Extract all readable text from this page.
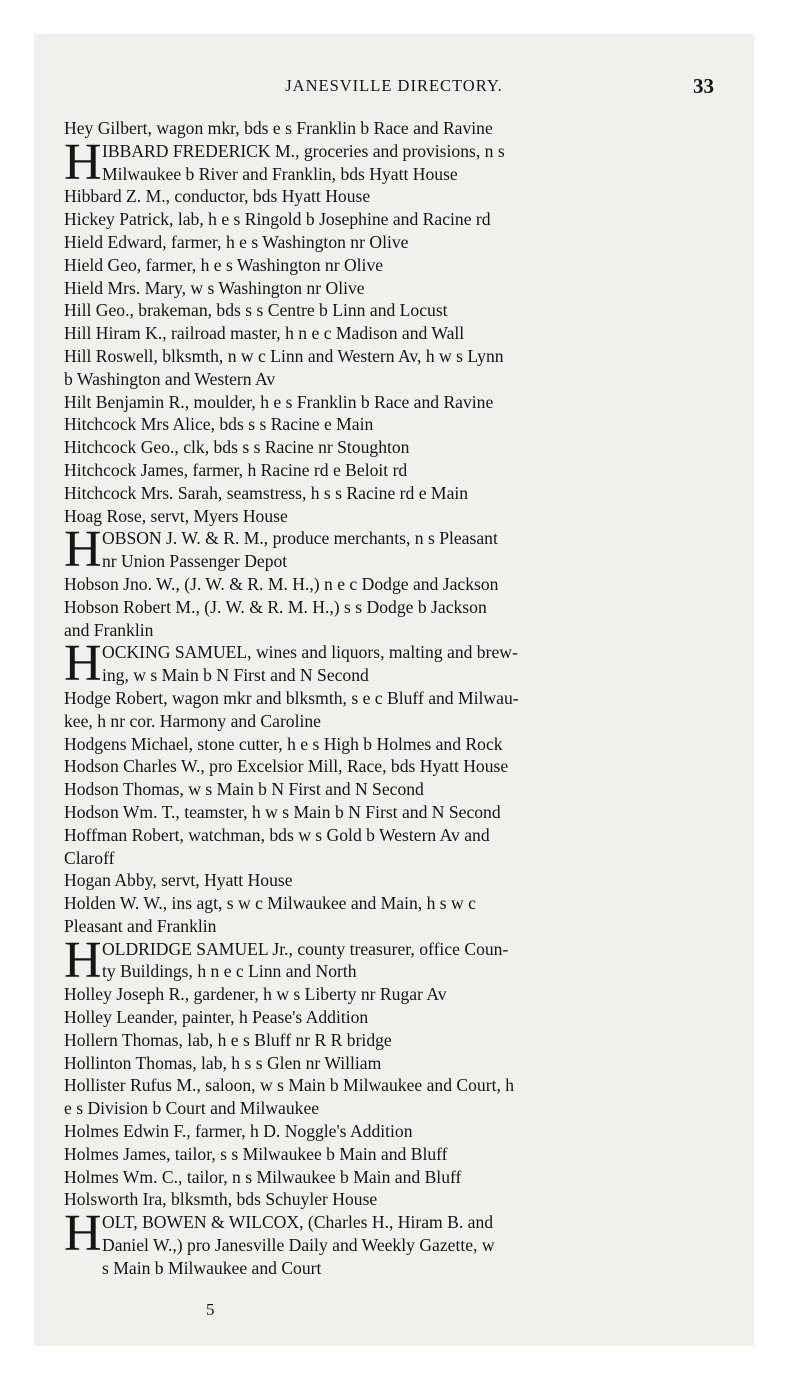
JANESVILLE DIRECTORY.	33
Hey Gilbert, wagon mkr, bds e s Franklin b Race and Ravine
H IBBARD FREDERICK M., groceries and provisions, n s
Milwaukee b River and Franklin, bds Hyatt House
Hibbard Z. M., conductor, bds Hyatt House
Hickey Patrick, lab, h e s Ringold b Josephine and Racine rd
Hield Edward, farmer, h e s Washington nr Olive
Hield Geo, farmer, h e s Washington nr Olive
Hield Mrs. Mary, w s Washington nr Olive
Hill Geo., brakeman, bds s s Centre b Linn and Locust
Hill Hiram K., railroad master, h n e c Madison and Wall
Hill Roswell, blksmth, n w c Linn and Western Av, h w s Lynn
b Washington and Western Av
Hilt Benjamin R., moulder, h e s Franklin b Race and Ravine
Hitchcock Mrs Alice, bds s s Racine e Main
Hitchcock Geo., clk, bds s s Racine nr Stoughton
Hitchcock James, farmer, h Racine rd e Beloit rd
Hitchcock Mrs. Sarah, seamstress, h s s Racine rd e Main
Hoag Rose, servt, Myers House
H OBSON J. W. & R. M., produce merchants, n s Pleasant
nr Union Passenger Depot
Hobson Jno. W., (J. W. & R. M. H.,) n e c Dodge and Jackson
Hobson Robert M., (J. W. & R. M. H.,) s s Dodge b Jackson
and Franklin
H OCKING SAMUEL, wines and liquors, malting and brew-
ing, w s Main b N First and N Second
Hodge Robert, wagon mkr and blksmth, s e c Bluff and Milwau-
kee, h nr cor. Harmony and Caroline
Hodgens Michael, stone cutter, h e s High b Holmes and Rock
Hodson Charles W., pro Excelsior Mill, Race, bds Hyatt House
Hodson Thomas, w s Main b N First and N Second
Hodson Wm. T., teamster, h w s Main b N First and N Second
Hoffman Robert, watchman, bds w s Gold b Western Av and
Claroff
Hogan Abby, servt, Hyatt House
Holden W. W., ins agt, s w c Milwaukee and Main, h s w c
Pleasant and Franklin
H OLDRIDGE SAMUEL Jr., county treasurer, office Coun-
ty Buildings, h n e c Linn and North
Holley Joseph R., gardener, h w s Liberty nr Rugar Av
Holley Leander, painter, h Pease's Addition
Hollern Thomas, lab, h e s Bluff nr R R bridge
Hollinton Thomas, lab, h s s Glen nr William
Hollister Rufus M., saloon, w s Main b Milwaukee and Court, h
e s Division b Court and Milwaukee
Holmes Edwin F., farmer, h D. Noggle's Addition
Holmes James, tailor, s s Milwaukee b Main and Bluff
Holmes Wm. C., tailor, n s Milwaukee b Main and Bluff
Holsworth Ira, blksmth, bds Schuyler House
H OLT, BOWEN & WILCOX, (Charles H., Hiram B. and
Daniel W.,) pro Janesville Daily and Weekly Gazette, w
s Main b Milwaukee and Court
5
